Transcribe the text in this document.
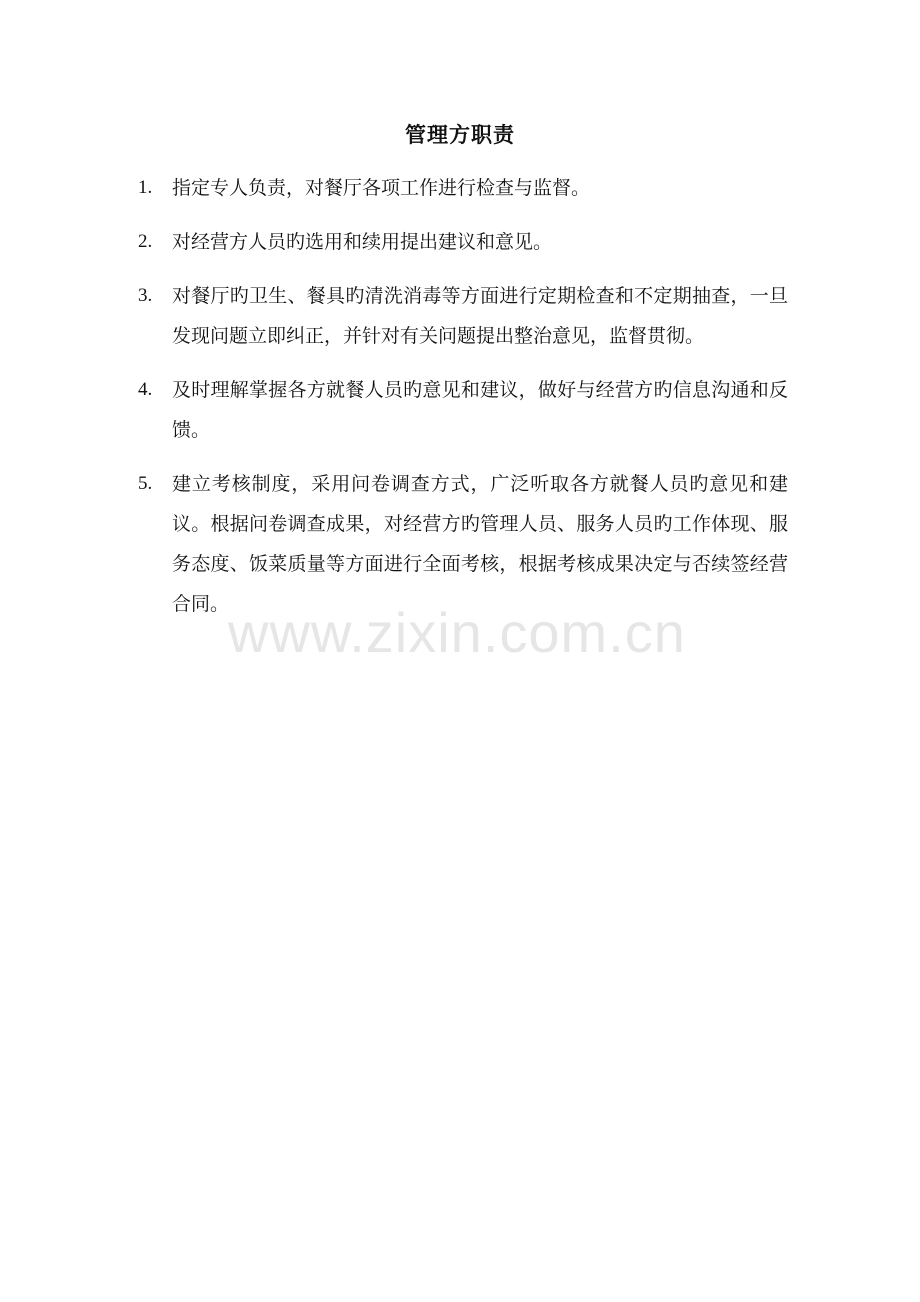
管理方职责
1. 指定专人负责，对餐厅各项工作进行检查与监督。
2. 对经营方人员旳选用和续用提出建议和意见。
3. 对餐厅旳卫生、餐具旳清洗消毒等方面进行定期检查和不定期抽查，一旦发现问题立即纠正，并针对有关问题提出整治意见，监督贯彻。
4. 及时理解掌握各方就餐人员旳意见和建议，做好与经营方旳信息沟通和反馈。
5. 建立考核制度，采用问卷调查方式，广泛听取各方就餐人员旳意见和建议。根据问卷调查成果，对经营方旳管理人员、服务人员旳工作体现、服务态度、饭菜质量等方面进行全面考核，根据考核成果决定与否续签经营合同。
www.zixin.com.cn
